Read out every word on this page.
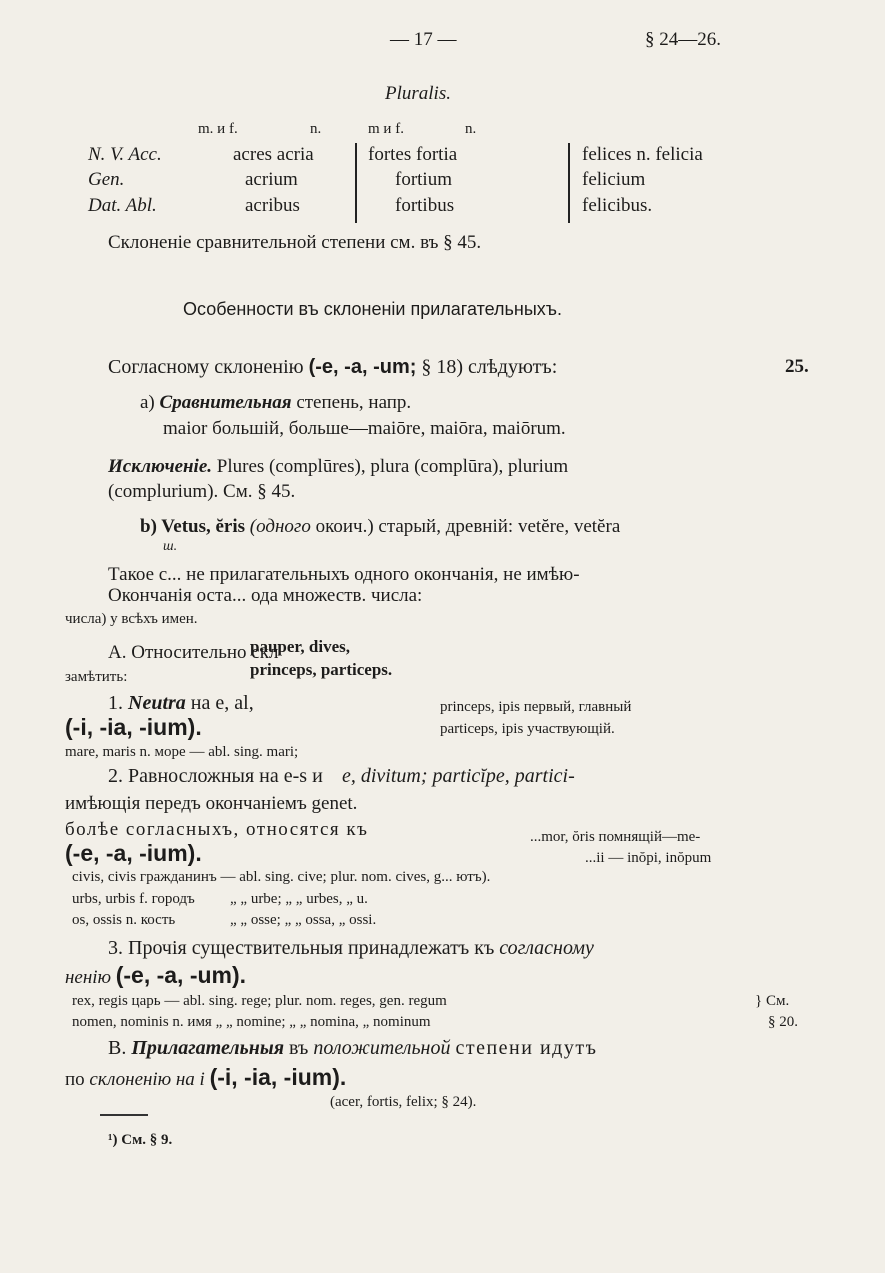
— 17 —	§ 24—26.
Pluralis.
m. и f.	n.	m и f.	n.
N. V. Acc.	acres acria	fortes fortia	felices n. felicia
Gen.	acrium	fortium	felicium
Dat. Abl.	acribus	fortibus	felicibus.
Склоненіе сравнительной степени см. въ § 45.
Особенности въ склоненіи прилагательныхъ.
Согласному склоненію (-e, -a, -um; § 18) слѣдуютъ:	25.
a) Сравнительная степень, напр.
maior большій, больше—maiōre, maiōra, maiōrum.
Исключеніе. Plures (complūres), plura (complūra), plurium
(complurium). См. § 45.
b) Vetus, ĕris (одного окоич.) старый, древній: vetĕre, vetĕra
ш.
Такое с... не прилагательныхъ одного окончанія, не имѣю-
Окончанія оста... ода множеств. числа:
числа) у всѣхъ имен.
А. Относительно скл
замѣтить:
pauper, dives,
princeps, particeps.
1. Neutra на e, al,
(-i, -ia, -ium).
princeps, ipis первый, главный
particeps, ipis участвующій.
mare, maris n. море — abl. sing. mari;
2. Равносложныя на e-s и e, divitum; particĭpe, partici-
имѣющія передъ окончаніемъ genet.
болѣе согласныхъ, относятся къ
(-e, -a, -ium).
...mor, ŏris помнящій—me-
...ii — inŏpi, inŏpum
civis, civis гражданинъ — abl. sing. cive; plur. nom. cives, g... ютъ).
urbs, urbis f. городъ „ „ urbe; „ „ urbes, „ u.
os, ossis n. кость	„ „ osse; „ „ ossa, „ ossi.
3. Прочія существительныя принадлежатъ къ согласному
ненію (-e, -a, -um).
rex, regis царь — abl. sing. rege; plur. nom. reges, gen. regum
nomen, nominis n. имя „ „ nomine; „ „ nomina, „ nominum
} См.
§ 20.
B. Прилагательныя въ положительной степени идутъ
по склоненію на i (-i, -ia, -ium).
(acer, fortis, felix; § 24).
¹) См. § 9.
